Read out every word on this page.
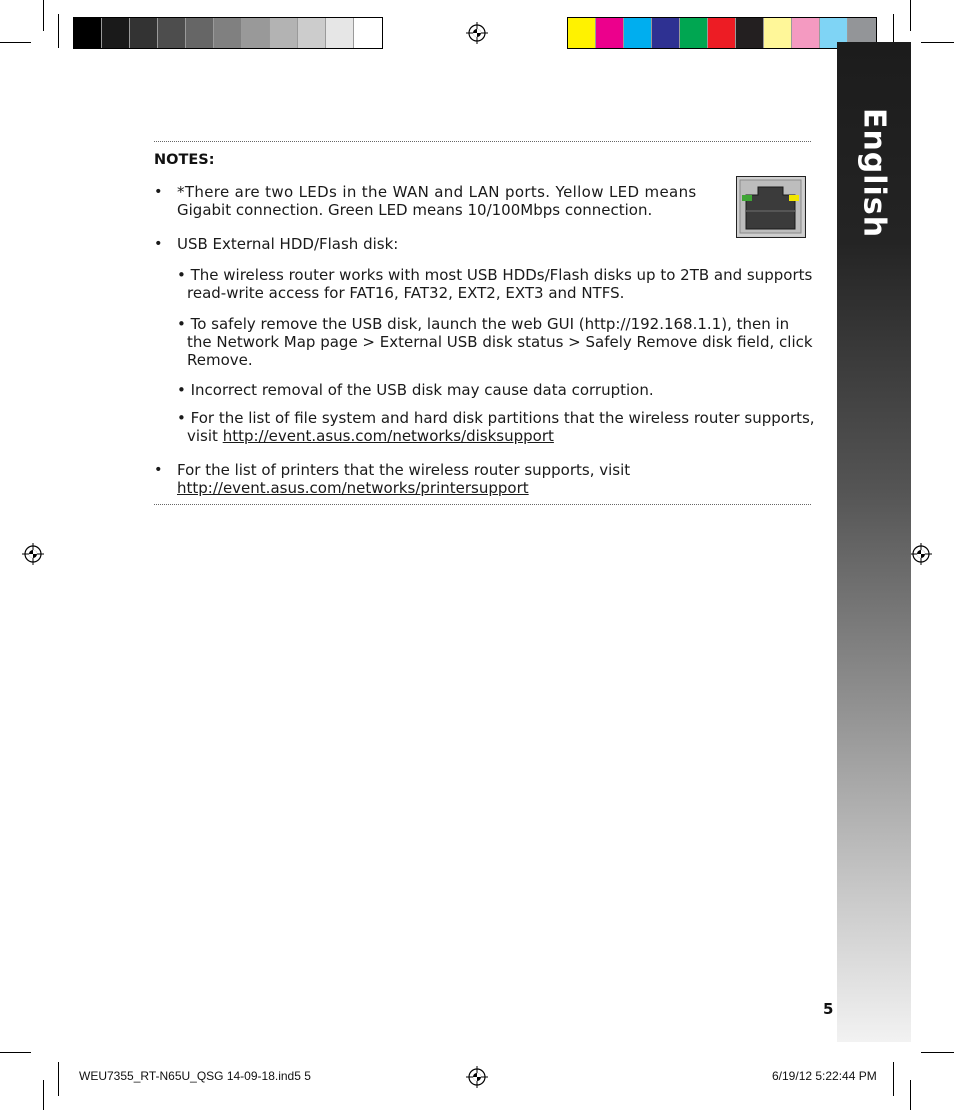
English
NOTES:
• *There are two LEDs in the WAN and LAN ports. Yellow LED means
Gigabit connection. Green LED means 10/100Mbps connection.
• USB External HDD/Flash disk:
• The wireless router works with most USB HDDs/Flash disks up to 2TB and supports
read-write access for FAT16, FAT32, EXT2, EXT3 and NTFS.
• To safely remove the USB disk, launch the web GUI (http://192.168.1.1), then in
the Network Map page > External USB disk status > Safely Remove disk field, click
Remove.
• Incorrect removal of the USB disk may cause data corruption.
• For the list of file system and hard disk partitions that the wireless router supports,
visit http://event.asus.com/networks/disksupport
• For the list of printers that the wireless router supports, visit
http://event.asus.com/networks/printersupport
5
WEU7355_RT-N65U_QSG 14-09-18.ind5 5	6/19/12 5:22:44 PM
